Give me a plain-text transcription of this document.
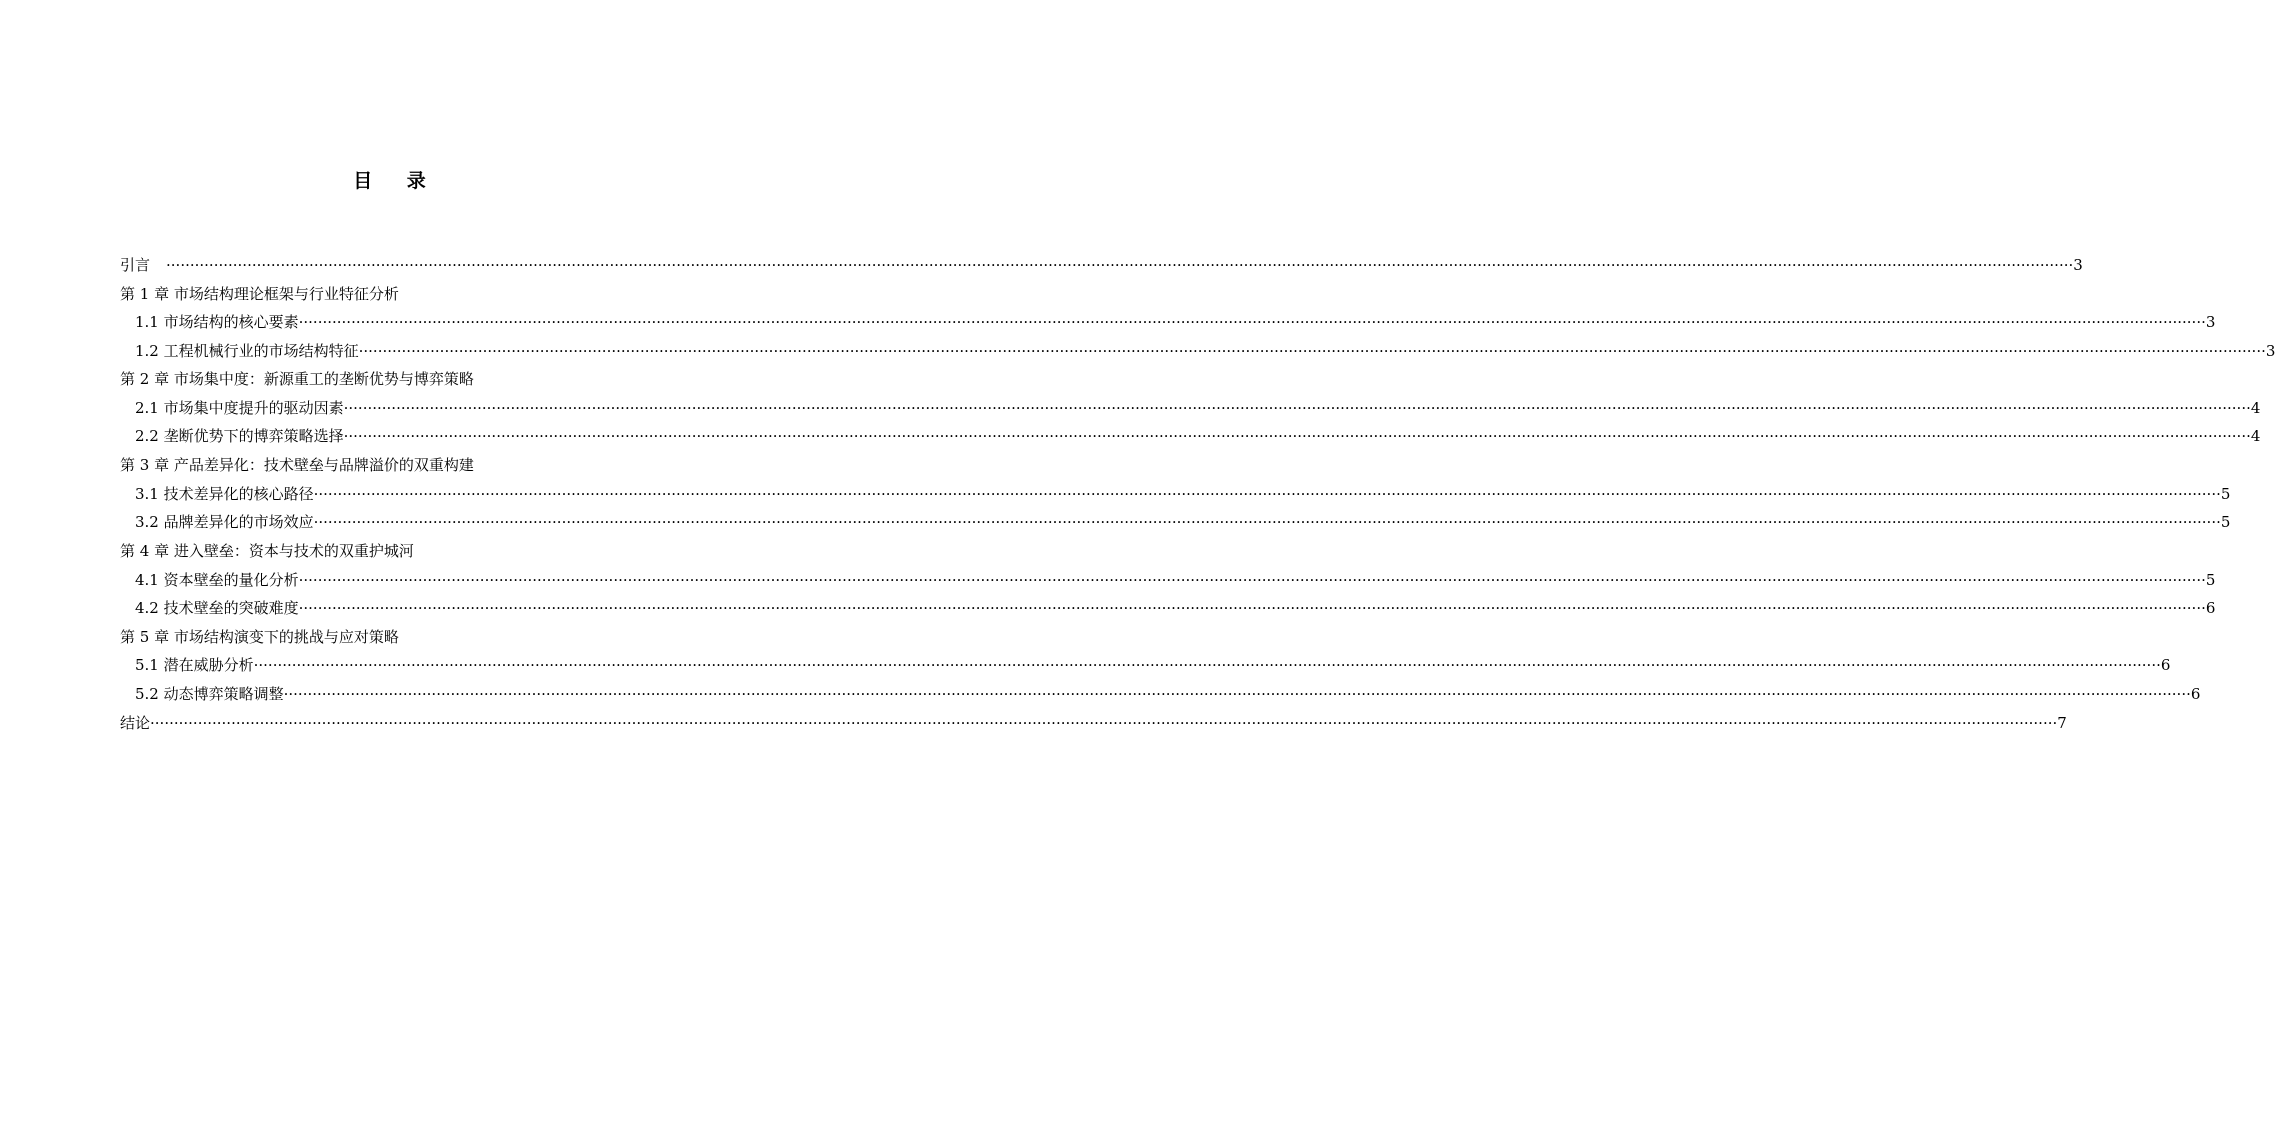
目 录
引言 ················································································································································································································································································································································································································ 3
第 1 章 市场结构理论框架与行业特征分析
1.1 市场结构的核心要素 ················································································································································································································································································································································································································ 3
1.2 工程机械行业的市场结构特征 ················································································································································································································································································································································································································ 3
第 2 章 市场集中度：新源重工的垄断优势与博弈策略
2.1 市场集中度提升的驱动因素 ················································································································································································································································································································································································································ 4
2.2 垄断优势下的博弈策略选择 ················································································································································································································································································································································································································ 4
第 3 章 产品差异化：技术壁垒与品牌溢价的双重构建
3.1 技术差异化的核心路径 ················································································································································································································································································································································································································ 5
3.2 品牌差异化的市场效应 ················································································································································································································································································································································································································ 5
第 4 章 进入壁垒：资本与技术的双重护城河
4.1 资本壁垒的量化分析 ················································································································································································································································································································································································································ 5
4.2 技术壁垒的突破难度 ················································································································································································································································································································································································································ 6
第 5 章 市场结构演变下的挑战与应对策略
5.1 潜在威胁分析 ················································································································································································································································································································································································································ 6
5.2 动态博弈策略调整 ················································································································································································································································································································································································································ 6
结论 ················································································································································································································································································································································································································ 7
